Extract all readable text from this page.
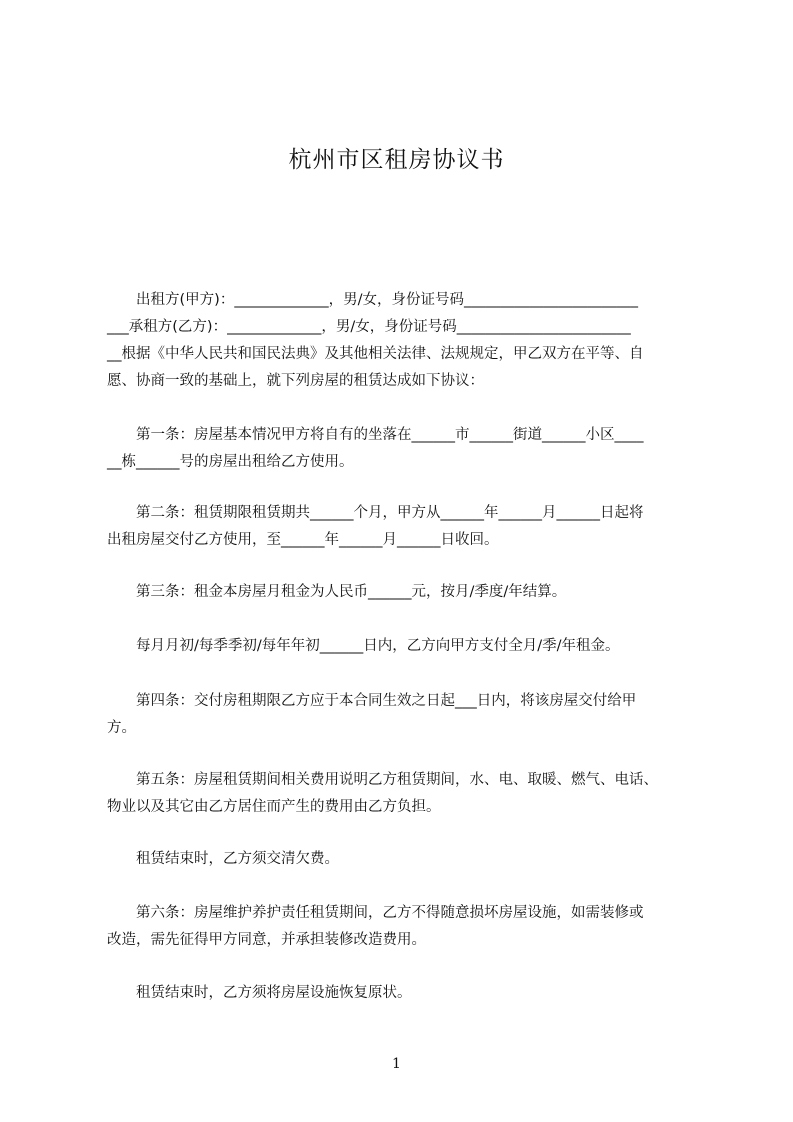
杭州市区租房协议书
　　出租方(甲方)：_____________，男/女，身份证号码________________________
___承租方(乙方)：_____________，男/女，身份证号码________________________
__根据《中华人民共和国民法典》及其他相关法律、法规规定，甲乙双方在平等、自
愿、协商一致的基础上，就下列房屋的租赁达成如下协议：
　　第一条：房屋基本情况甲方将自有的坐落在______市______街道______小区____
__栋______号的房屋出租给乙方使用。
　　第二条：租赁期限租赁期共______个月，甲方从______年______月______日起将
出租房屋交付乙方使用，至______年______月______日收回。
　　第三条：租金本房屋月租金为人民币______元，按月/季度/年结算。
　　每月月初/每季季初/每年年初______日内，乙方向甲方支付全月/季/年租金。
　　第四条：交付房租期限乙方应于本合同生效之日起___日内，将该房屋交付给甲
方。
　　第五条：房屋租赁期间相关费用说明乙方租赁期间，水、电、取暖、燃气、电话、
物业以及其它由乙方居住而产生的费用由乙方负担。
　　租赁结束时，乙方须交清欠费。
　　第六条：房屋维护养护责任租赁期间，乙方不得随意损坏房屋设施，如需装修或
改造，需先征得甲方同意，并承担装修改造费用。
　　租赁结束时，乙方须将房屋设施恢复原状。
1
